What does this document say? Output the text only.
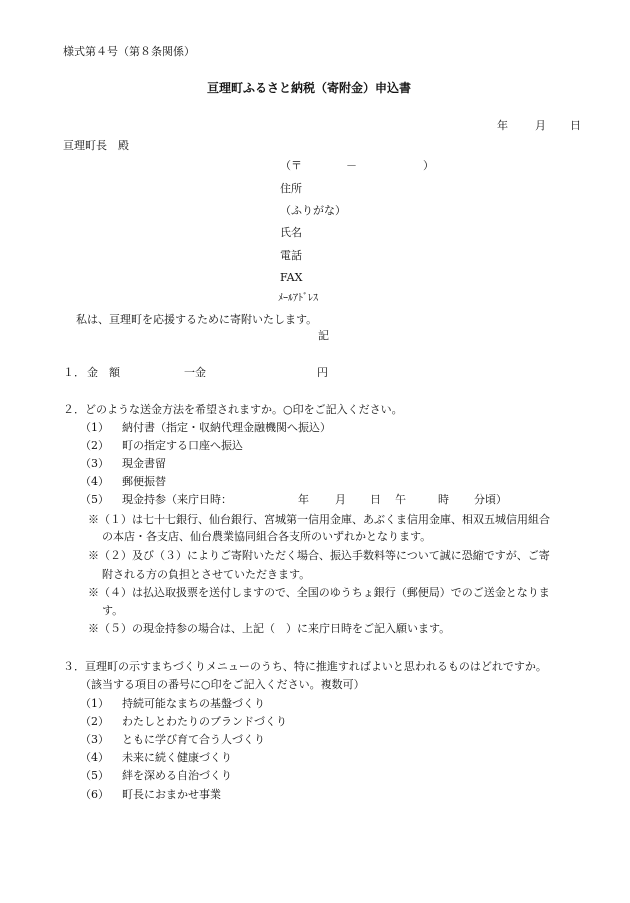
様式第４号（第８条関係）
亘理町ふるさと納税（寄附金）申込書
年 月 日
亘理町長　殿
（〒　　　　－　　　　　　）
住所
（ふりがな）
氏名
電話
FAX
ﾒｰﾙｱﾄﾞﾚｽ
私は、亘理町を応援するために寄附いたします。
記
１． 金　額	一金	円
２．どのような送金方法を希望されますか。○印をご記入ください。
（1） 納付書（指定・収納代理金融機関へ振込）
（2） 町の指定する口座へ振込
（3） 現金書留
（4） 郵便振替
（5） 現金持参（来庁日時：	年 月 日 午	時 分頃）
※（１）は七十七銀行、仙台銀行、宮城第一信用金庫、あぶくま信用金庫、相双五城信用組合
の本店・各支店、仙台農業協同組合各支所のいずれかとなります。
※（２）及び（３）によりご寄附いただく場合、振込手数料等について誠に恐縮ですが、ご寄
附される方の負担とさせていただきます。
※（４）は払込取扱票を送付しますので、全国のゆうちょ銀行（郵便局）でのご送金となりま
す。
※（５）の現金持参の場合は、上記（　）に来庁日時をご記入願います。
３．亘理町の示すまちづくりメニューのうち、特に推進すればよいと思われるものはどれですか。
（該当する項目の番号に○印をご記入ください。複数可）
（1） 持続可能なまちの基盤づくり
（2） わたしとわたりのブランドづくり
（3） ともに学び育て合う人づくり
（4） 未来に続く健康づくり
（5） 絆を深める自治づくり
（6） 町長におまかせ事業
